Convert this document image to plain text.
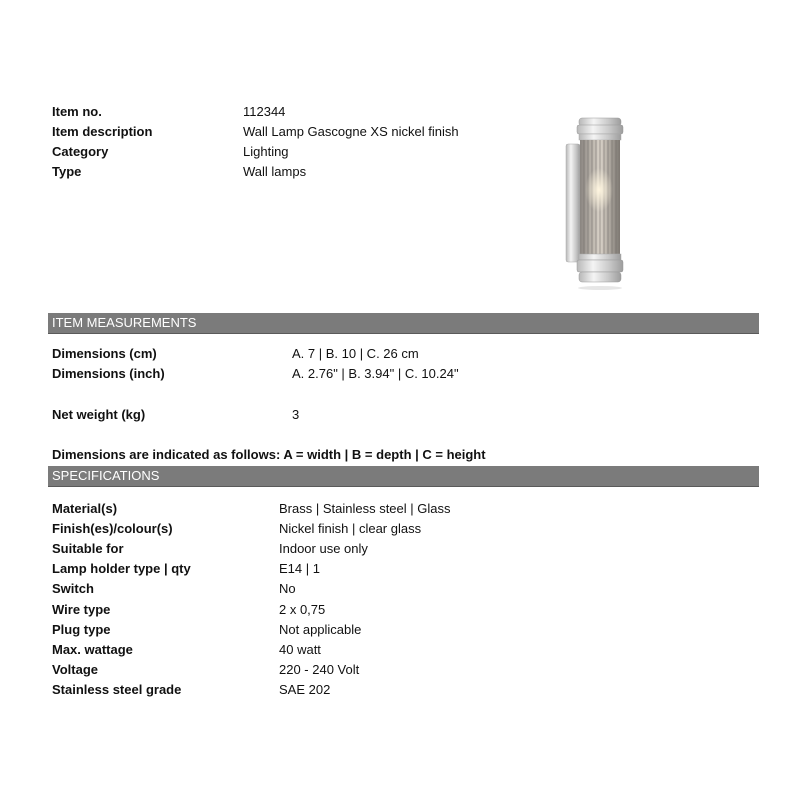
Item no.	112344
Item description	Wall Lamp Gascogne XS nickel finish
Category	Lighting
Type	Wall lamps
ITEM MEASUREMENTS
Dimensions (cm)	A. 7 | B. 10 | C. 26 cm
Dimensions (inch)	A. 2.76" | B. 3.94" | C. 10.24"
Net weight (kg)	3
Dimensions are indicated as follows: A = width | B = depth | C = height
SPECIFICATIONS
Material(s)	Brass | Stainless steel | Glass
Finish(es)/colour(s)	Nickel finish | clear glass
Suitable for	Indoor use only
Lamp holder type | qty	E14 | 1
Switch	No
Wire type	2 x 0,75
Plug type	Not applicable
Max. wattage	40 watt
Voltage	220 - 240 Volt
Stainless steel grade	SAE 202
